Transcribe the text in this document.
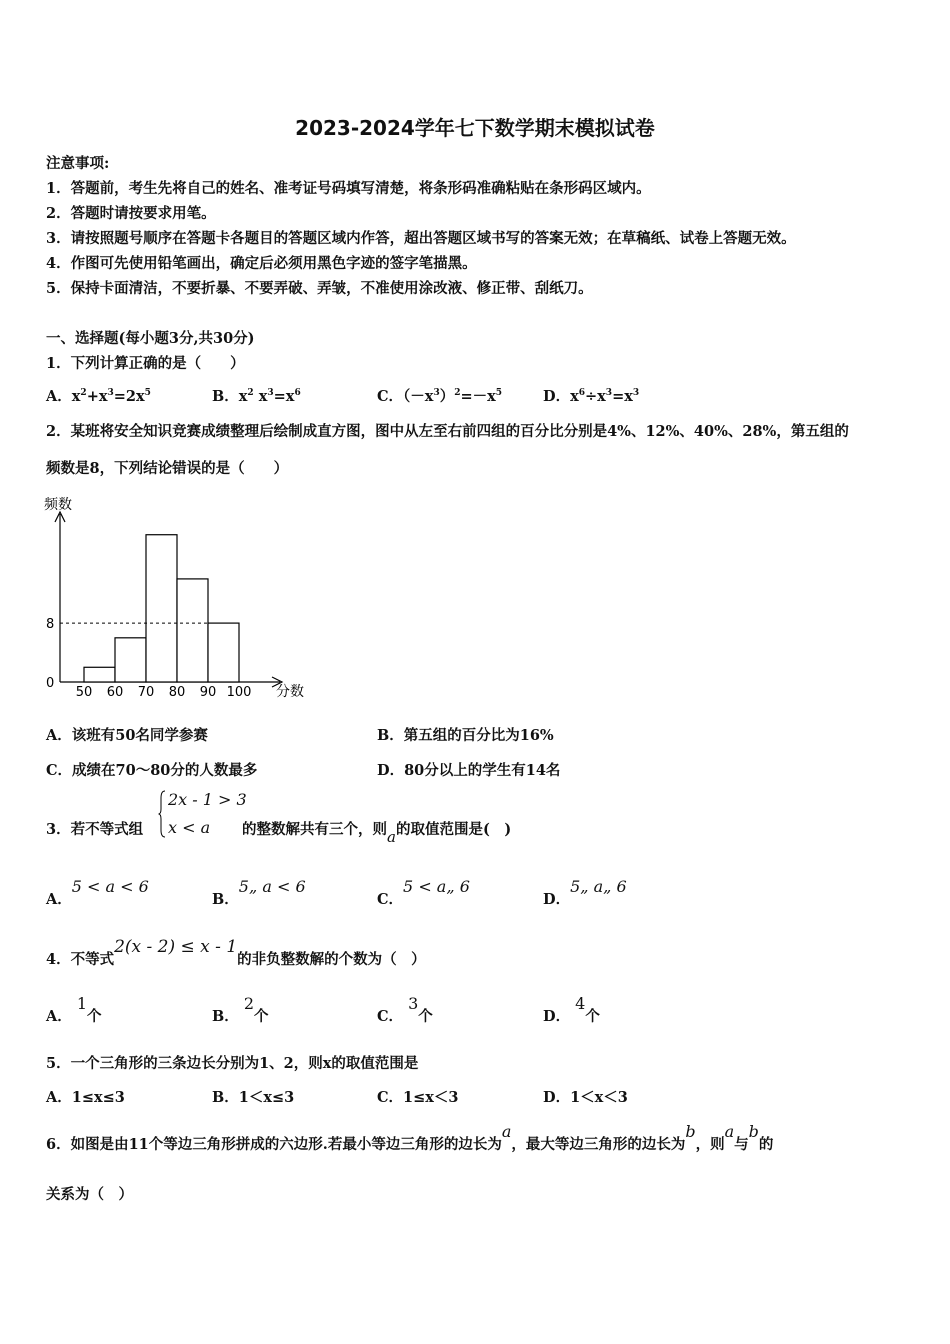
2023-2024学年七下数学期末模拟试卷
注意事项:
1．答题前，考生先将自己的姓名、准考证号码填写清楚，将条形码准确粘贴在条形码区域内。
2．答题时请按要求用笔。
3．请按照题号顺序在答题卡各题目的答题区域内作答，超出答题区域书写的答案无效；在草稿纸、试卷上答题无效。
4．作图可先使用铅笔画出，确定后必须用黑色字迹的签字笔描黑。
5．保持卡面清洁，不要折暴、不要弄破、弄皱，不准使用涂改液、修正带、刮纸刀。
一、选择题(每小题3分,共30分)
1．下列计算正确的是（　　）
A．$x^2+x^3=2x^5$	B．$x^2$ $x^3=x^6$	C．$(-x^3)^2=-x^5$	D．$x^6\div x^3=x^3$
2．某班将安全知识竞赛成绩整理后绘制成直方图，图中从左至右前四组的百分比分别是4%、12%、40%、28%，第五组的
频数是8，下列结论错误的是（　　）
频数
分数
50 60 70 80 90 100
0
8
A．该班有50名同学参赛	B．第五组的百分比为16%
C．成绩在70～80分的人数最多	D．80分以上的学生有14名
3．若不等式组
2x - 1 > 3
x < a 的整数解共有三个，则a的取值范围是(　)
A．5 < a < 6
B．5„ a < 6
C．5 < a„ 6
D．5„ a„ 6
4．不等式2(x - 2) ≤ x - 1的非负整数解的个数为（　）
A． 1个	B． 2个	C． 3个	D． 4个
5．一个三角形的三条边长分别为1、2，则x的取值范围是
A．1≤x≤3	B．1＜x≤3	C．1≤x＜3	D．1＜x＜3
6．如图是由11个等边三角形拼成的六边形.若最小等边三角形的边长为a，最大等边三角形的边长为b，则a与b的
关系为（　）
